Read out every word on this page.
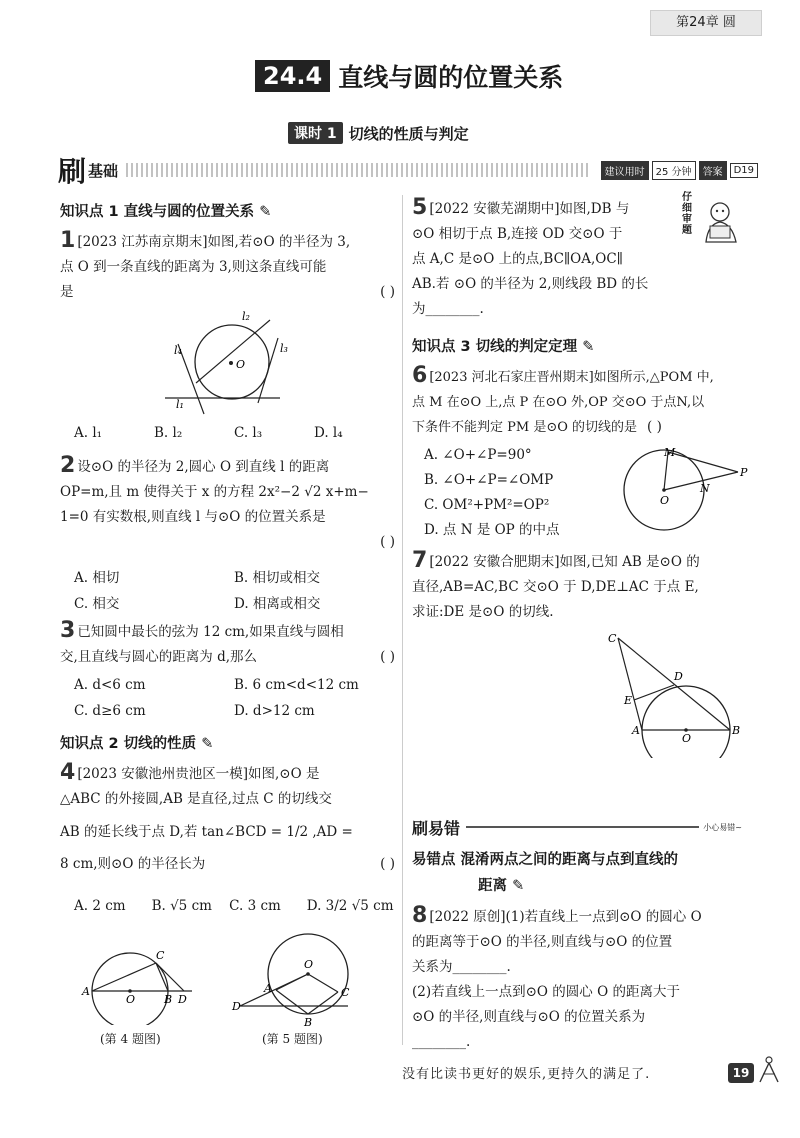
第24章 圆
24.4 直线与圆的位置关系
课时 1 切线的性质与判定
刷 基础	建议用时	25 分钟	答案	D19
知识点 1 直线与圆的位置关系 ✎
1 [2023 江苏南京期末]如图,若⊙O 的半径为 3,
点 O 到一条直线的距离为 3,则这条直线可能
是	( )
O
l₁
l₂
l₃
l₄
A. l₁	B. l₂	C. l₃	D. l₄
2 设⊙O 的半径为 2,圆心 O 到直线 l 的距离
OP=m,且 m 使得关于 x 的方程 2x²−2 √2 x+m−
1=0 有实数根,则直线 l 与⊙O 的位置关系是
( )
A. 相切	B. 相切或相交
C. 相交	D. 相离或相交
3 已知圆中最长的弦为 12 cm,如果直线与圆相
交,且直线与圆心的距离为 d,那么	( )
A. d<6 cm	B. 6 cm<d<12 cm
C. d≥6 cm	D. d>12 cm
知识点 2 切线的性质 ✎
4 [2023 安徽池州贵池区一模]如图,⊙O 是
△ABC 的外接圆,AB 是直径,过点 C 的切线交
AB 的延长线于点 D,若 tan∠BCD = 1/2 ,AD =
8 cm,则⊙O 的半径长为	( )
A. 2 cm	B. √5 cm	C. 3 cm	D. 3/2 √5 cm
A
O	B D
C
(第 4 题图)
D
A
O
C
B
(第 5 题图)
5 [2022 安徽芜湖期中]如图,DB 与
⊙O 相切于点 B,连接 OD 交⊙O 于
点 A,C 是⊙O 上的点,BC∥OA,OC∥
AB.若 ⊙O 的半径为 2,则线段 BD 的长
为________.
仔细审题
知识点 3 切线的判定定理 ✎
6 [2023 河北石家庄晋州期末]如图所示,△POM 中,
点 M 在⊙O 上,点 P 在⊙O 外,OP 交⊙O 于点N,以
下条件不能判定 PM 是⊙O 的切线的是 ( )
A. ∠O+∠P=90°
B. ∠O+∠P=∠OMP
C. OM²+PM²=OP²
D. 点 N 是 OP 的中点
M
P
N
O
7 [2022 安徽合肥期末]如图,已知 AB 是⊙O 的
直径,AB=AC,BC 交⊙O 于 D,DE⊥AC 于点 E,
求证:DE 是⊙O 的切线.
C
D
E
A
O
B
刷易错	小心易错~
易错点 混淆两点之间的距离与点到直线的
距离 ✎
8 [2022 原创](1)若直线上一点到⊙O 的圆心 O
的距离等于⊙O 的半径,则直线与⊙O 的位置
关系为________.
(2)若直线上一点到⊙O 的圆心 O 的距离大于
⊙O 的半径,则直线与⊙O 的位置关系为
________.
没有比读书更好的娱乐,更持久的满足了.	19
